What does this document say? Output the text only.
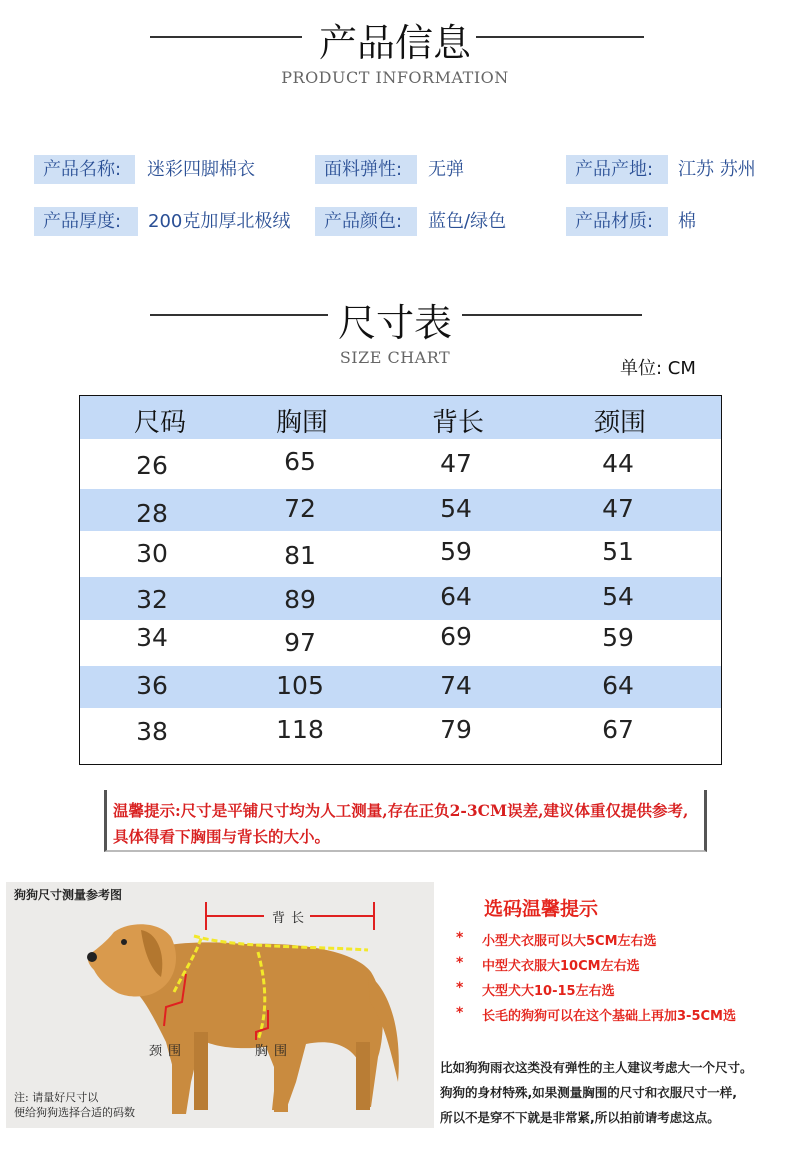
产品信息
PRODUCT INFORMATION
产品名称:	迷彩四脚棉衣	面料弹性:	无弹	产品产地:	江苏 苏州
产品厚度:	200克加厚北极绒	产品颜色:	蓝色/绿色	产品材质:	棉
尺寸表
SIZE CHART
单位: CM
尺码	胸围	背长	颈围
26	65	47	44
28	72	54	47
30	81	59	51
32	89	64	54
34	97	69	59
36	105	74	64
38	118	79	67
温馨提示:尺寸是平铺尺寸均为人工测量,存在正负2-3CM误差,建议体重仅提供参考,具体得看下胸围与背长的大小。
狗狗尺寸测量参考图
背长
颈围	胸围
注: 请量好尺寸以
便给狗狗选择合适的码数
选码温馨提示
* 小型犬衣服可以大5CM左右选
* 中型犬衣服大10CM左右选
* 大型犬大10-15左右选
* 长毛的狗狗可以在这个基础上再加3-5CM选
比如狗狗雨衣这类没有弹性的主人建议考虑大一个尺寸。
狗狗的身材特殊,如果测量胸围的尺寸和衣服尺寸一样,
所以不是穿不下就是非常紧,所以拍前请考虑这点。
